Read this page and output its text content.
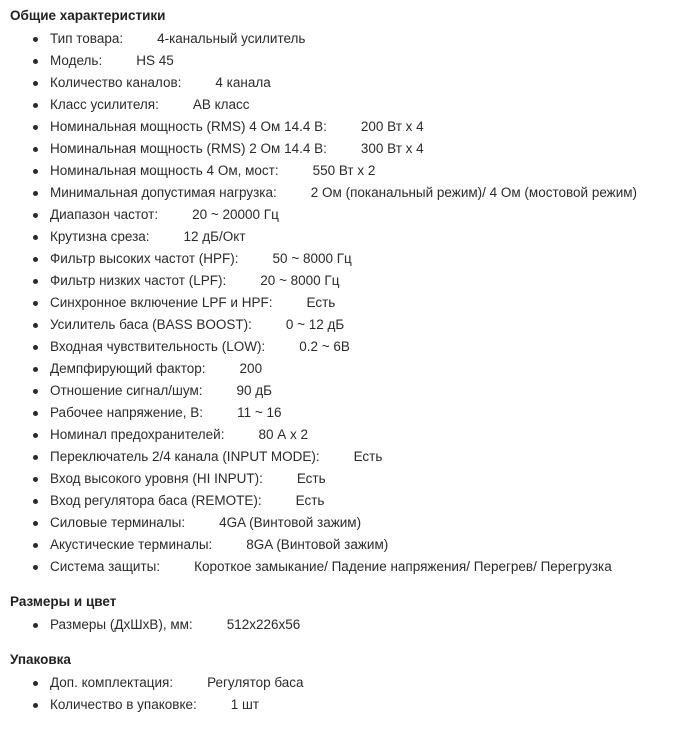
Общие характеристики
Тип товара:	4-канальный усилитель
Модель:	HS 45
Количество каналов:	4 канала
Класс усилителя:	AB класс
Номинальная мощность (RMS) 4 Ом 14.4 В:	200 Вт x 4
Номинальная мощность (RMS) 2 Ом 14.4 В:	300 Вт x 4
Номинальная мощность 4 Ом, мост:	550 Вт x 2
Минимальная допустимая нагрузка:	2 Ом (поканальный режим)/ 4 Ом (мостовой режим)
Диапазон частот:	20 ~ 20000 Гц
Крутизна среза:	12 дБ/Окт
Фильтр высоких частот (HPF):	50 ~ 8000 Гц
Фильтр низких частот (LPF):	20 ~ 8000 Гц
Синхронное включение LPF и HPF:	Есть
Усилитель баса (BASS BOOST):	0 ~ 12 дБ
Входная чувствительность (LOW):	0.2 ~ 6В
Демпфирующий фактор:	200
Отношение сигнал/шум:	90 дБ
Рабочее напряжение, В:	11 ~ 16
Номинал предохранителей:	80 А x 2
Переключатель 2/4 канала (INPUT MODE):	Есть
Вход высокого уровня (HI INPUT):	Есть
Вход регулятора баса (REMOTE):	Есть
Силовые терминалы:	4GA (Винтовой зажим)
Акустические терминалы:	8GA (Винтовой зажим)
Система защиты:	Короткое замыкание/ Падение напряжения/ Перегрев/ Перегрузка
Размеры и цвет
Размеры (ДхШхВ), мм:	512x226x56
Упаковка
Доп. комплектация:	Регулятор баса
Количество в упаковке:	1 шт
